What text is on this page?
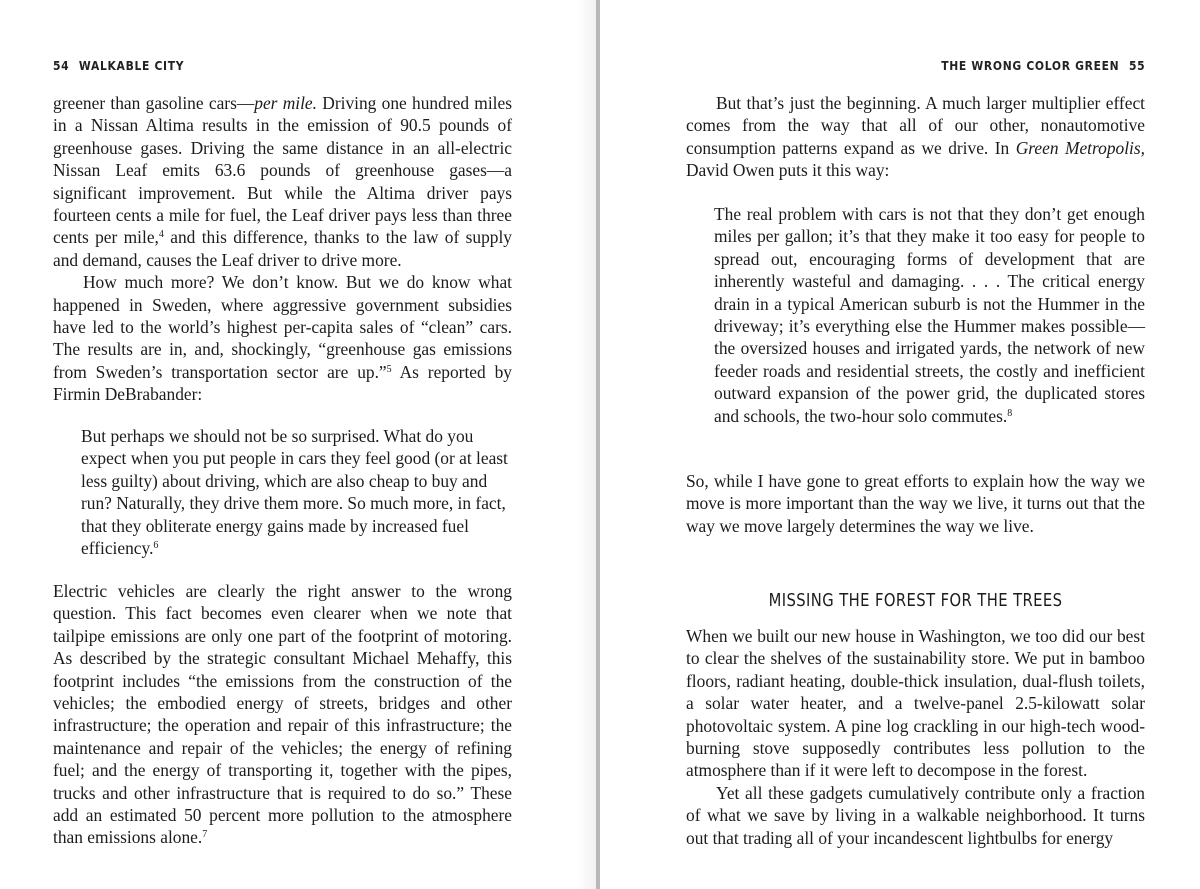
54 WALKABLE CITY

greener than gasoline cars—per mile. Driving one hundred miles in a Nissan Altima results in the emission of 90.5 pounds of greenhouse gases. Driving the same distance in an all-electric Nissan Leaf emits 63.6 pounds of greenhouse gases—a significant improvement. But while the Altima driver pays fourteen cents a mile for fuel, the Leaf driver pays less than three cents per mile,$^4$ and this difference, thanks to the law of supply and demand, causes the Leaf driver to drive more.

How much more? We don’t know. But we do know what happened in Sweden, where aggressive government subsidies have led to the world’s highest per-capita sales of “clean” cars. The results are in, and, shockingly, “greenhouse gas emissions from Sweden’s transportation sector are up.”$^5$ As reported by Firmin DeBrabander:

But perhaps we should not be so surprised. What do you expect when you put people in cars they feel good (or at least less guilty) about driving, which are also cheap to buy and run? Naturally, they drive them more. So much more, in fact, that they obliterate energy gains made by increased fuel efficiency.$^6$

Electric vehicles are clearly the right answer to the wrong question. This fact becomes even clearer when we note that tailpipe emissions are only one part of the footprint of motoring. As described by the strategic consultant Michael Mehaffy, this footprint includes “the emissions from the construction of the vehicles; the embodied energy of streets, bridges and other infrastructure; the operation and repair of this infrastructure; the maintenance and repair of the vehicles; the energy of refining fuel; and the energy of transporting it, together with the pipes, trucks and other infrastructure that is required to do so.” These add an estimated 50 percent more pollution to the atmosphere than emissions alone.$^7$

THE WRONG COLOR GREEN 55

But that’s just the beginning. A much larger multiplier effect comes from the way that all of our other, nonautomotive consumption patterns expand as we drive. In Green Metropolis, David Owen puts it this way:

The real problem with cars is not that they don’t get enough miles per gallon; it’s that they make it too easy for people to spread out, encouraging forms of development that are inherently wasteful and damaging. . . . The critical energy drain in a typical American suburb is not the Hummer in the driveway; it’s everything else the Hummer makes possible—the oversized houses and irrigated yards, the network of new feeder roads and residential streets, the costly and inefficient outward expansion of the power grid, the duplicated stores and schools, the two-hour solo commutes.$^8$

So, while I have gone to great efforts to explain how the way we move is more important than the way we live, it turns out that the way we move largely determines the way we live.

MISSING THE FOREST FOR THE TREES

When we built our new house in Washington, we too did our best to clear the shelves of the sustainability store. We put in bamboo floors, radiant heating, double-thick insulation, dual-flush toilets, a solar water heater, and a twelve-panel 2.5-kilowatt solar photovoltaic system. A pine log crackling in our high-tech wood-burning stove supposedly contributes less pollution to the atmosphere than if it were left to decompose in the forest.

Yet all these gadgets cumulatively contribute only a fraction of what we save by living in a walkable neighborhood. It turns out that trading all of your incandescent lightbulbs for energy
